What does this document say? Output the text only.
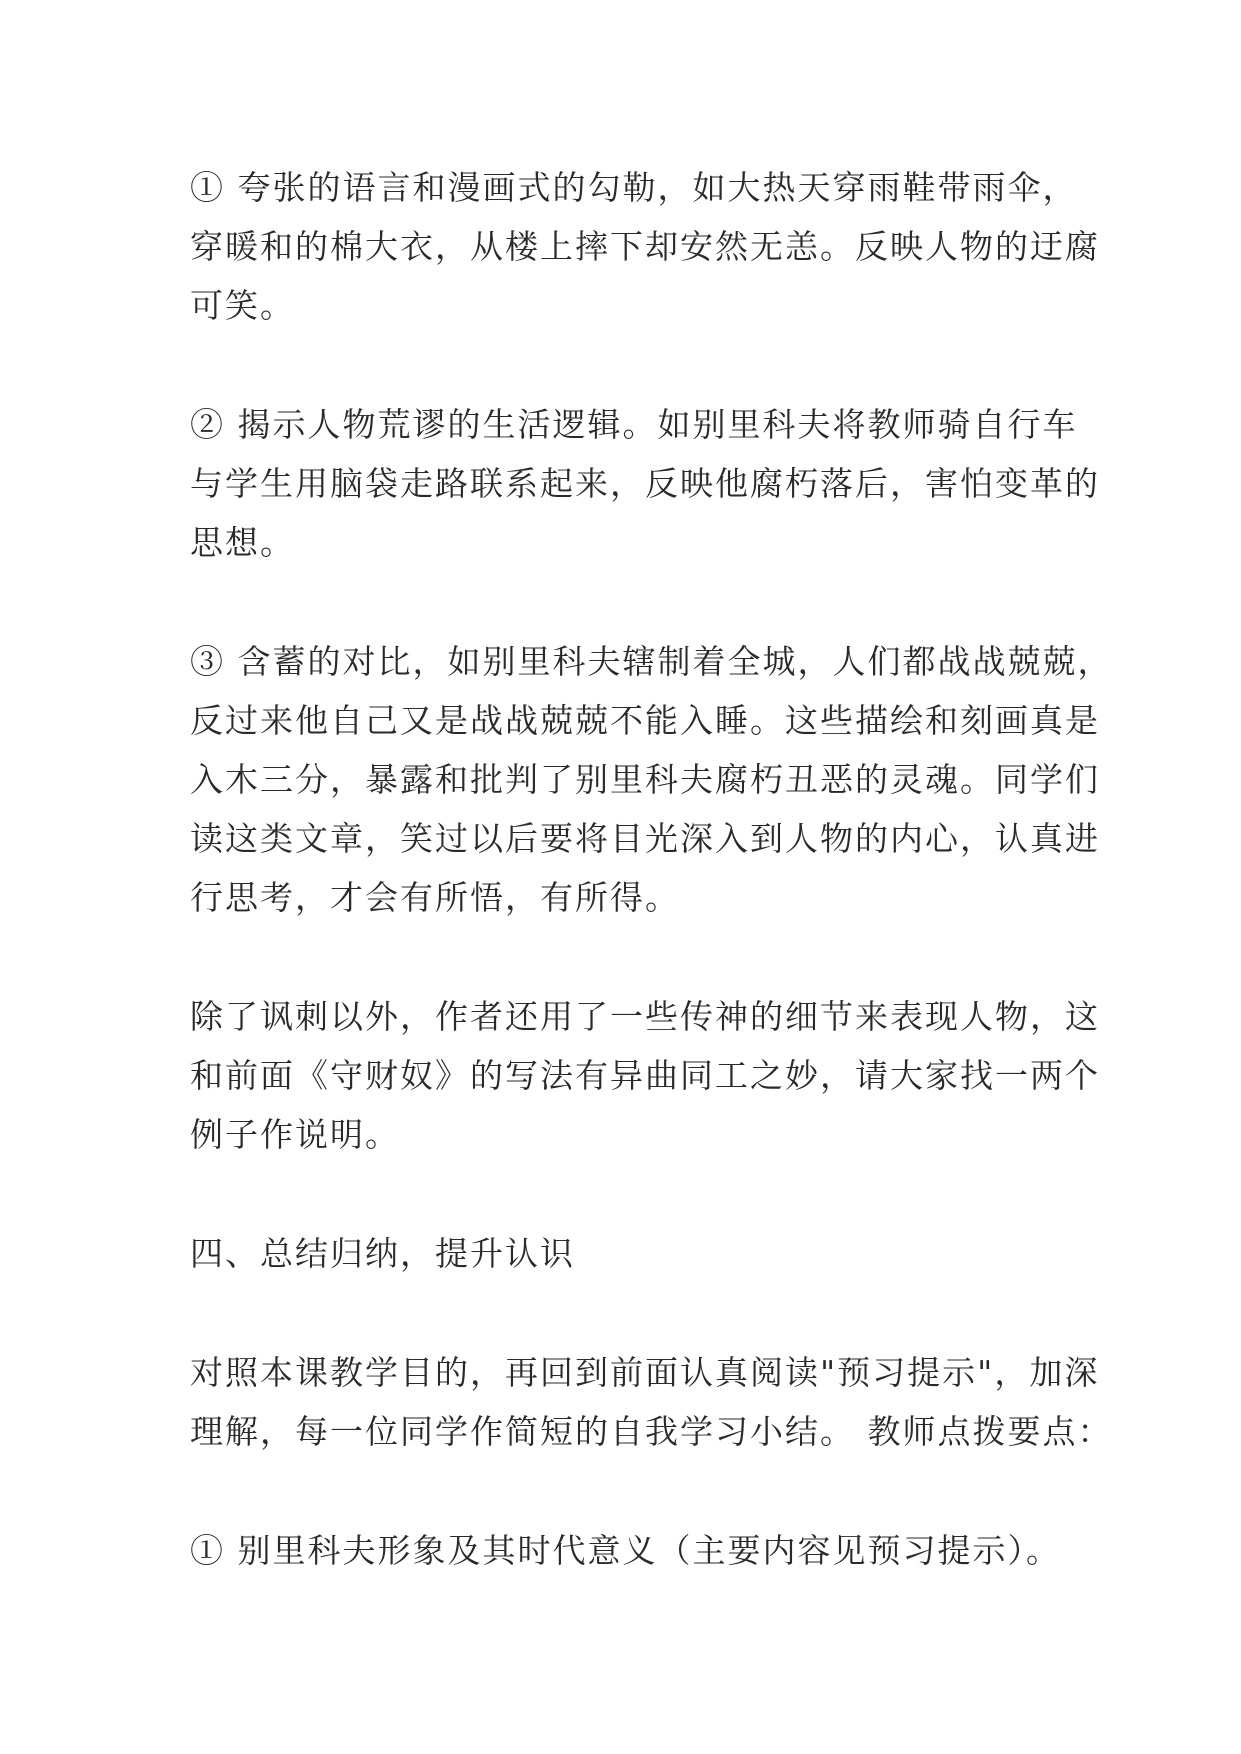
① 夸张的语言和漫画式的勾勒，如大热天穿雨鞋带雨伞，
穿暖和的棉大衣，从楼上摔下却安然无恙。反映人物的迂腐
可笑。

② 揭示人物荒谬的生活逻辑。如别里科夫将教师骑自行车
与学生用脑袋走路联系起来，反映他腐朽落后，害怕变革的
思想。

③ 含蓄的对比，如别里科夫辖制着全城，人们都战战兢兢，
反过来他自己又是战战兢兢不能入睡。这些描绘和刻画真是
入木三分，暴露和批判了别里科夫腐朽丑恶的灵魂。同学们
读这类文章，笑过以后要将目光深入到人物的内心，认真进
行思考，才会有所悟，有所得。

除了讽刺以外，作者还用了一些传神的细节来表现人物，这
和前面《守财奴》的写法有异曲同工之妙，请大家找一两个
例子作说明。

四、总结归纳，提升认识

对照本课教学目的，再回到前面认真阅读"预习提示"，加深
理解，每一位同学作简短的自我学习小结。 教师点拨要点：

① 别里科夫形象及其时代意义（主要内容见预习提示）。
